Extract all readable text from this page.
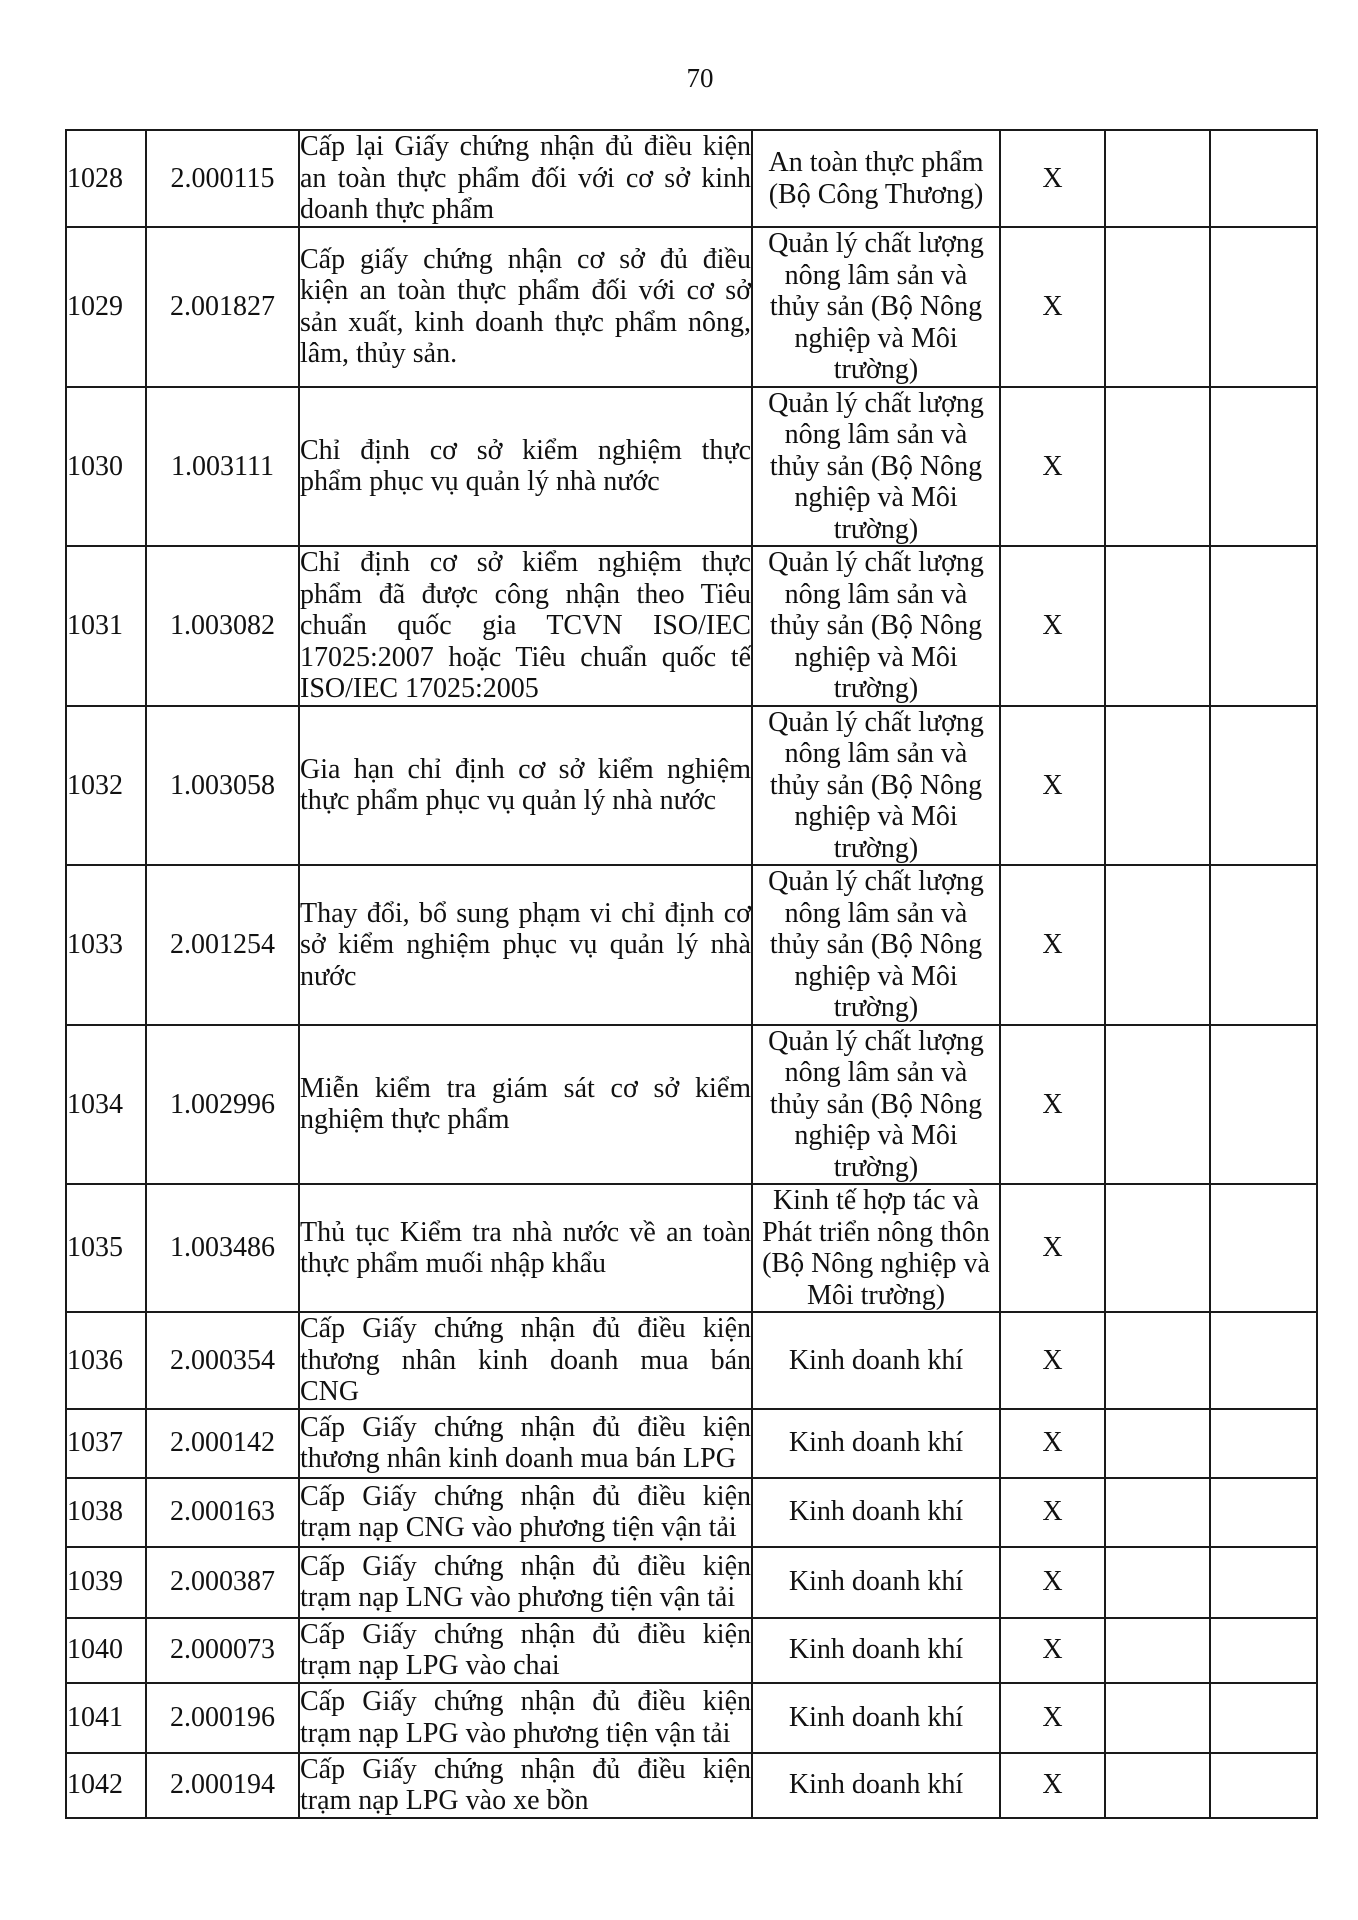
70
1028	2.000115	Cấp lại Giấy chứng nhận đủ điều kiện
an toàn thực phẩm đối với cơ sở kinh
doanh thực phẩm	An toàn thực phẩm
(Bộ Công Thương)	X		
1029	2.001827	Cấp giấy chứng nhận cơ sở đủ điều
kiện an toàn thực phẩm đối với cơ sở
sản xuất, kinh doanh thực phẩm nông,
lâm, thủy sản.	Quản lý chất lượng
nông lâm sản và
thủy sản (Bộ Nông
nghiệp và Môi
trường)	X		
1030	1.003111	Chỉ định cơ sở kiểm nghiệm thực
phẩm phục vụ quản lý nhà nước	Quản lý chất lượng
nông lâm sản và
thủy sản (Bộ Nông
nghiệp và Môi
trường)	X		
1031	1.003082	Chỉ định cơ sở kiểm nghiệm thực
phẩm đã được công nhận theo Tiêu
chuẩn quốc gia TCVN ISO/IEC
17025:2007 hoặc Tiêu chuẩn quốc tế
ISO/IEC 17025:2005	Quản lý chất lượng
nông lâm sản và
thủy sản (Bộ Nông
nghiệp và Môi
trường)	X		
1032	1.003058	Gia hạn chỉ định cơ sở kiểm nghiệm
thực phẩm phục vụ quản lý nhà nước	Quản lý chất lượng
nông lâm sản và
thủy sản (Bộ Nông
nghiệp và Môi
trường)	X		
1033	2.001254	Thay đổi, bổ sung phạm vi chỉ định cơ
sở kiểm nghiệm phục vụ quản lý nhà
nước	Quản lý chất lượng
nông lâm sản và
thủy sản (Bộ Nông
nghiệp và Môi
trường)	X		
1034	1.002996	Miễn kiểm tra giám sát cơ sở kiểm
nghiệm thực phẩm	Quản lý chất lượng
nông lâm sản và
thủy sản (Bộ Nông
nghiệp và Môi
trường)	X		
1035	1.003486	Thủ tục Kiểm tra nhà nước về an toàn
thực phẩm muối nhập khẩu	Kinh tế hợp tác và
Phát triển nông thôn
(Bộ Nông nghiệp và
Môi trường)	X		
1036	2.000354	Cấp Giấy chứng nhận đủ điều kiện
thương nhân kinh doanh mua bán
CNG	Kinh doanh khí	X		
1037	2.000142	Cấp Giấy chứng nhận đủ điều kiện
thương nhân kinh doanh mua bán LPG	Kinh doanh khí	X		
1038	2.000163	Cấp Giấy chứng nhận đủ điều kiện
trạm nạp CNG vào phương tiện vận tải	Kinh doanh khí	X		
1039	2.000387	Cấp Giấy chứng nhận đủ điều kiện
trạm nạp LNG vào phương tiện vận tải	Kinh doanh khí	X		
1040	2.000073	Cấp Giấy chứng nhận đủ điều kiện
trạm nạp LPG vào chai	Kinh doanh khí	X		
1041	2.000196	Cấp Giấy chứng nhận đủ điều kiện
trạm nạp LPG vào phương tiện vận tải	Kinh doanh khí	X		
1042	2.000194	Cấp Giấy chứng nhận đủ điều kiện
trạm nạp LPG vào xe bồn	Kinh doanh khí	X		
